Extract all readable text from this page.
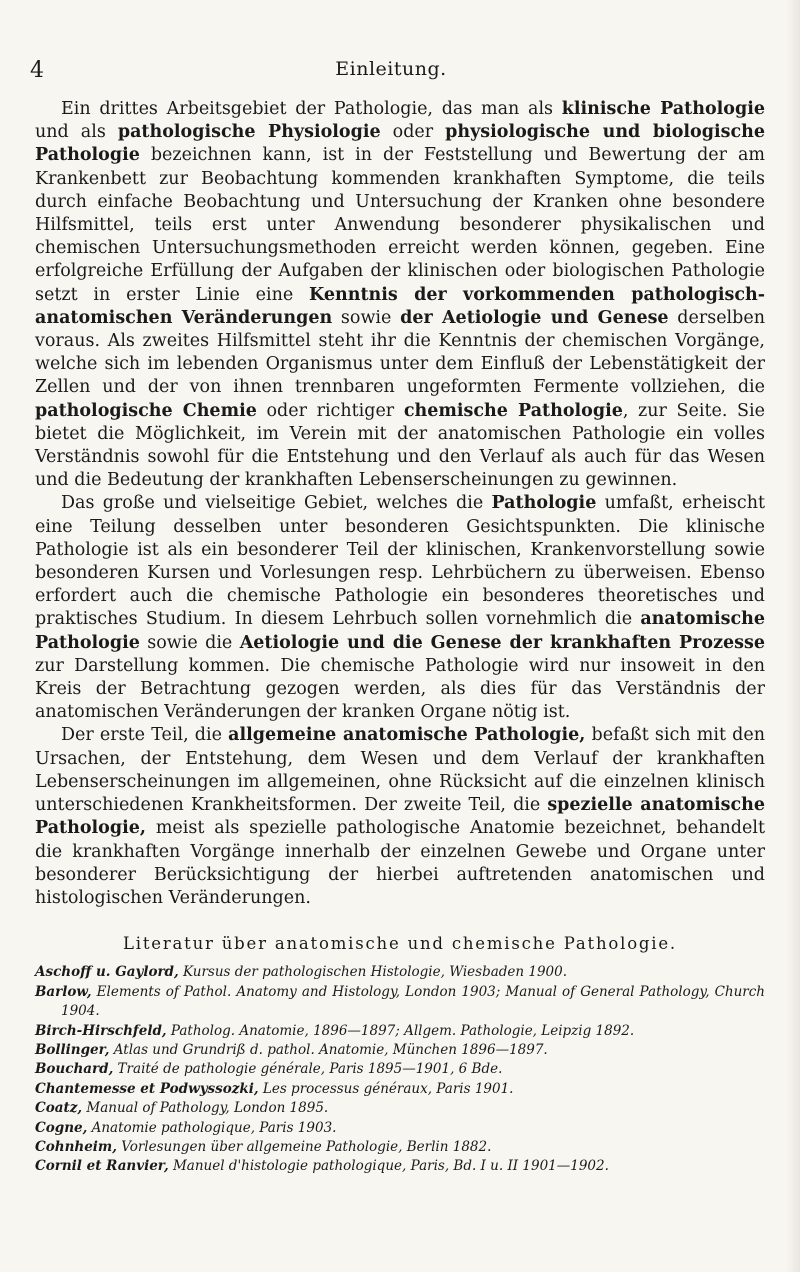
4	Einleitung.

Ein drittes Arbeitsgebiet der Pathologie, das man als klinische Pathologie und als pathologische Physiologie oder physiologische und biologische Pathologie bezeichnen kann, ist in der Feststellung und Bewertung der am Krankenbett zur Beobachtung kommenden krankhaften Symptome, die teils durch einfache Beobachtung und Untersuchung der Kranken ohne besondere Hilfsmittel, teils erst unter Anwendung besonderer physikalischen und chemischen Untersuchungsmethoden erreicht werden können, gegeben. Eine erfolgreiche Erfüllung der Aufgaben der klinischen oder biologischen Pathologie setzt in erster Linie eine Kenntnis der vorkommenden pathologisch-anatomischen Veränderungen sowie der Aetiologie und Genese derselben voraus. Als zweites Hilfsmittel steht ihr die Kenntnis der chemischen Vorgänge, welche sich im lebenden Organismus unter dem Einfluß der Lebenstätigkeit der Zellen und der von ihnen trennbaren ungeformten Fermente vollziehen, die pathologische Chemie oder richtiger chemische Pathologie, zur Seite. Sie bietet die Möglichkeit, im Verein mit der anatomischen Pathologie ein volles Verständnis sowohl für die Entstehung und den Verlauf als auch für das Wesen und die Bedeutung der krankhaften Lebenserscheinungen zu gewinnen.

Das große und vielseitige Gebiet, welches die Pathologie umfaßt, erheischt eine Teilung desselben unter besonderen Gesichtspunkten. Die klinische Pathologie ist als ein besonderer Teil der klinischen, Krankenvorstellung sowie besonderen Kursen und Vorlesungen resp. Lehrbüchern zu überweisen. Ebenso erfordert auch die chemische Pathologie ein besonderes theoretisches und praktisches Studium. In diesem Lehrbuch sollen vornehmlich die anatomische Pathologie sowie die Aetiologie und die Genese der krankhaften Prozesse zur Darstellung kommen. Die chemische Pathologie wird nur insoweit in den Kreis der Betrachtung gezogen werden, als dies für das Verständnis der anatomischen Veränderungen der kranken Organe nötig ist.

Der erste Teil, die allgemeine anatomische Pathologie, befaßt sich mit den Ursachen, der Entstehung, dem Wesen und dem Verlauf der krankhaften Lebenserscheinungen im allgemeinen, ohne Rücksicht auf die einzelnen klinisch unterschiedenen Krankheitsformen. Der zweite Teil, die spezielle anatomische Pathologie, meist als spezielle pathologische Anatomie bezeichnet, behandelt die krankhaften Vorgänge innerhalb der einzelnen Gewebe und Organe unter besonderer Berücksichtigung der hierbei auftretenden anatomischen und histologischen Veränderungen.

Literatur über anatomische und chemische Pathologie.
Aschoff u. Gaylord, Kursus der pathologischen Histologie, Wiesbaden 1900.
Barlow, Elements of Pathol. Anatomy and Histology, London 1903; Manual of General Pathology, Church 1904.
Birch-Hirschfeld, Patholog. Anatomie, 1896—1897; Allgem. Pathologie, Leipzig 1892.
Bollinger, Atlas und Grundriß d. pathol. Anatomie, München 1896—1897.
Bouchard, Traité de pathologie générale, Paris 1895—1901, 6 Bde.
Chantemesse et Podwyssozki, Les processus généraux, Paris 1901.
Coatz, Manual of Pathology, London 1895.
Cogne, Anatomie pathologique, Paris 1903.
Cohnheim, Vorlesungen über allgemeine Pathologie, Berlin 1882.
Cornil et Ranvier, Manuel d'histologie pathologique, Paris, Bd. I u. II 1901—1902.
